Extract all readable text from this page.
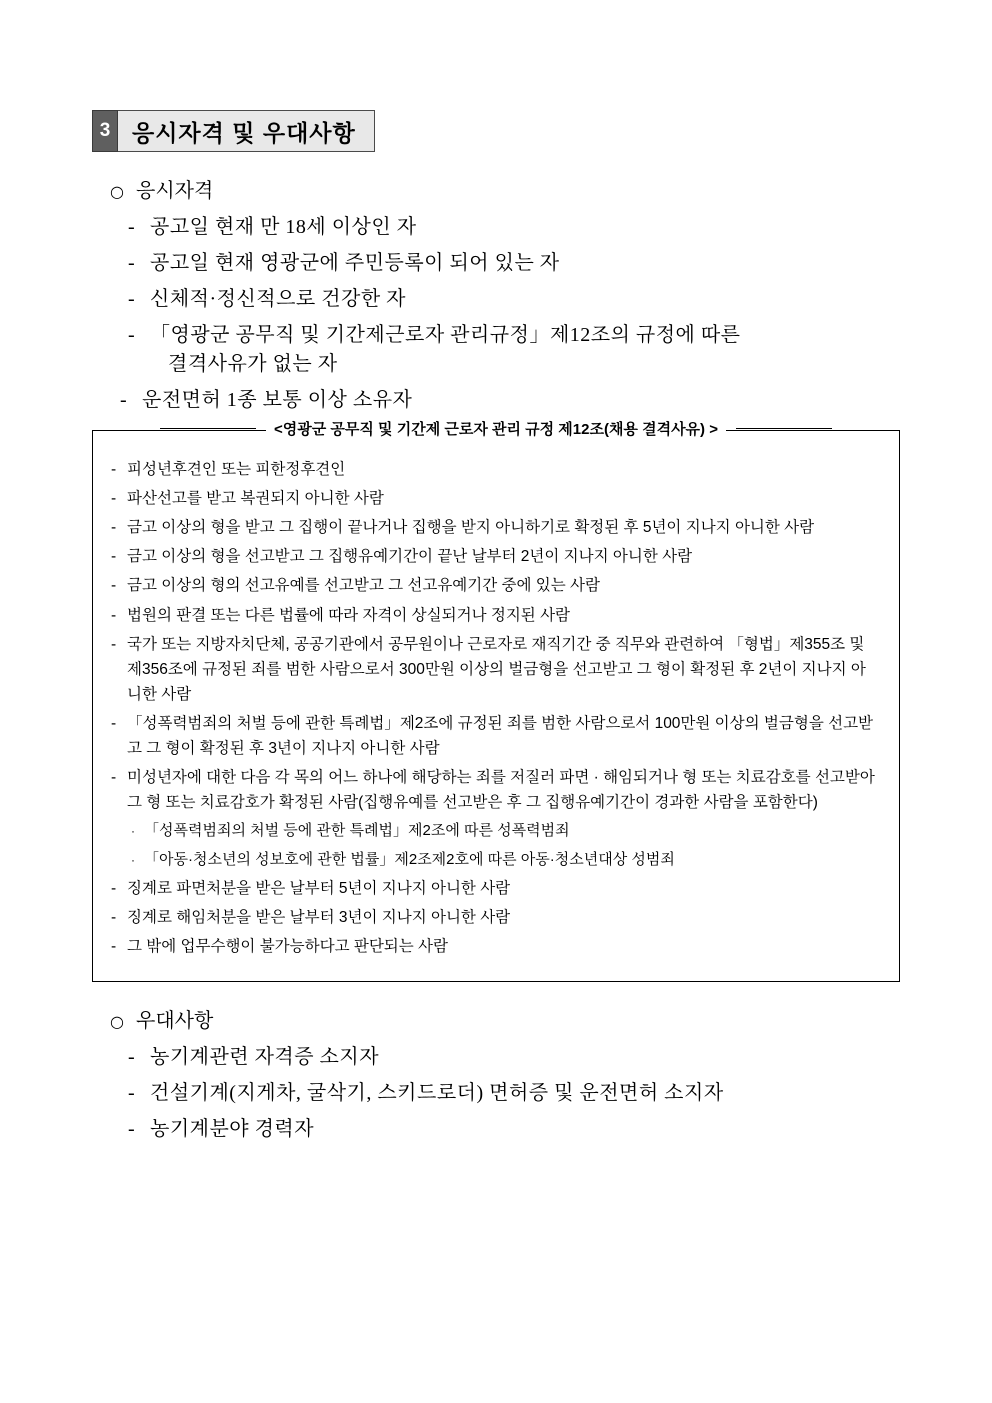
3 응시자격 및 우대사항
○ 응시자격
- 공고일 현재 만 18세 이상인 자
- 공고일 현재 영광군에 주민등록이 되어 있는 자
- 신체적·정신적으로 건강한 자
- 「영광군 공무직 및 기간제근로자 관리규정」제12조의 규정에 따른
결격사유가 없는 자
- 운전면허 1종 보통 이상 소유자
<영광군 공무직 및 기간제 근로자 관리 규정 제12조(채용 결격사유) >
- 피성년후견인 또는 피한정후견인
- 파산선고를 받고 복권되지 아니한 사람
- 금고 이상의 형을 받고 그 집행이 끝나거나 집행을 받지 아니하기로 확정된 후 5년이 지나지 아니한 사람
- 금고 이상의 형을 선고받고 그 집행유예기간이 끝난 날부터 2년이 지나지 아니한 사람
- 금고 이상의 형의 선고유예를 선고받고 그 선고유예기간 중에 있는 사람
- 법원의 판결 또는 다른 법률에 따라 자격이 상실되거나 정지된 사람
- 국가 또는 지방자치단체, 공공기관에서 공무원이나 근로자로 재직기간 중 직무와 관련하여 「형법」제355조 및 제356조에 규정된 죄를 범한 사람으로서 300만원 이상의 벌금형을 선고받고 그 형이 확정된 후 2년이 지나지 아니한 사람
- 「성폭력범죄의 처벌 등에 관한 특례법」제2조에 규정된 죄를 범한 사람으로서 100만원 이상의 벌금형을 선고받고 그 형이 확정된 후 3년이 지나지 아니한 사람
- 미성년자에 대한 다음 각 목의 어느 하나에 해당하는 죄를 저질러 파면 · 해임되거나 형 또는 치료감호를 선고받아 그 형 또는 치료감호가 확정된 사람(집행유예를 선고받은 후 그 집행유예기간이 경과한 사람을 포함한다)
· 「성폭력범죄의 처벌 등에 관한 특례법」제2조에 따른 성폭력범죄
· 「아동·청소년의 성보호에 관한 법률」제2조제2호에 따른 아동·청소년대상 성범죄
- 징계로 파면처분을 받은 날부터 5년이 지나지 아니한 사람
- 징계로 해임처분을 받은 날부터 3년이 지나지 아니한 사람
- 그 밖에 업무수행이 불가능하다고 판단되는 사람
○ 우대사항
- 농기계관련 자격증 소지자
- 건설기계(지게차, 굴삭기, 스키드로더) 면허증 및 운전면허 소지자
- 농기계분야 경력자
